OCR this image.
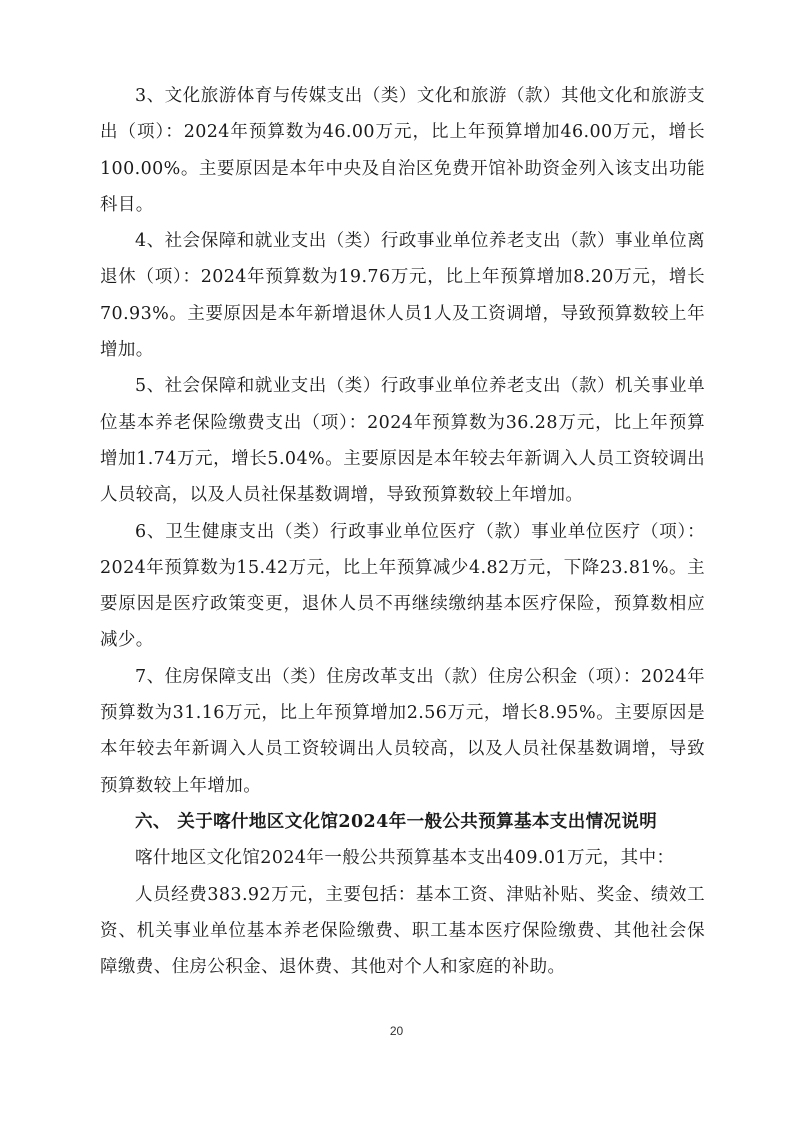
3、文化旅游体育与传媒支出（类）文化和旅游（款）其他文化和旅游支出（项）：2024年预算数为46.00万元，比上年预算增加46.00万元，增长100.00%。主要原因是本年中央及自治区免费开馆补助资金列入该支出功能科目。

4、社会保障和就业支出（类）行政事业单位养老支出（款）事业单位离退休（项）：2024年预算数为19.76万元，比上年预算增加8.20万元，增长70.93%。主要原因是本年新增退休人员1人及工资调增，导致预算数较上年增加。

5、社会保障和就业支出（类）行政事业单位养老支出（款）机关事业单位基本养老保险缴费支出（项）：2024年预算数为36.28万元，比上年预算增加1.74万元，增长5.04%。主要原因是本年较去年新调入人员工资较调出人员较高，以及人员社保基数调增，导致预算数较上年增加。

6、卫生健康支出（类）行政事业单位医疗（款）事业单位医疗（项）：2024年预算数为15.42万元，比上年预算减少4.82万元，下降23.81%。主要原因是医疗政策变更，退休人员不再继续缴纳基本医疗保险，预算数相应减少。

7、住房保障支出（类）住房改革支出（款）住房公积金（项）：2024年预算数为31.16万元，比上年预算增加2.56万元，增长8.95%。主要原因是本年较去年新调入人员工资较调出人员较高，以及人员社保基数调增，导致预算数较上年增加。

六、 关于喀什地区文化馆2024年一般公共预算基本支出情况说明

喀什地区文化馆2024年一般公共预算基本支出409.01万元，其中：

人员经费383.92万元，主要包括：基本工资、津贴补贴、奖金、绩效工资、机关事业单位基本养老保险缴费、职工基本医疗保险缴费、其他社会保障缴费、住房公积金、退休费、其他对个人和家庭的补助。

20
